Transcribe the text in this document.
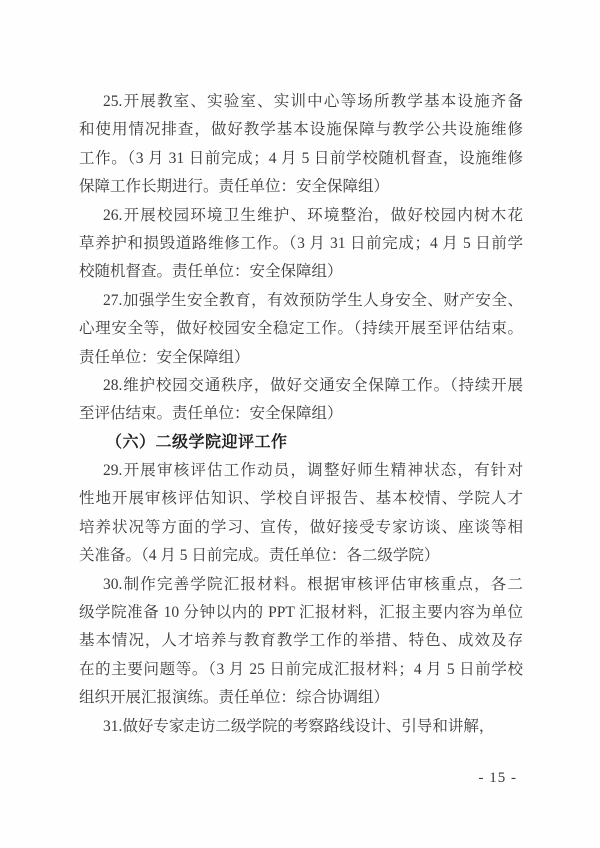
25.开展教室、实验室、实训中心等场所教学基本设施齐备
和使用情况排查，做好教学基本设施保障与教学公共设施维修
工作。（3 月 31 日前完成；4 月 5 日前学校随机督查，设施维修
保障工作长期进行。责任单位：安全保障组）
26.开展校园环境卫生维护、环境整治，做好校园内树木花
草养护和损毁道路维修工作。（3 月 31 日前完成；4 月 5 日前学
校随机督查。责任单位：安全保障组）
27.加强学生安全教育，有效预防学生人身安全、财产安全、
心理安全等，做好校园安全稳定工作。（持续开展至评估结束。
责任单位：安全保障组）
28.维护校园交通秩序，做好交通安全保障工作。（持续开展
至评估结束。责任单位：安全保障组）
（六）二级学院迎评工作
29.开展审核评估工作动员，调整好师生精神状态，有针对
性地开展审核评估知识、学校自评报告、基本校情、学院人才
培养状况等方面的学习、宣传，做好接受专家访谈、座谈等相
关准备。（4 月 5 日前完成。责任单位：各二级学院）
30.制作完善学院汇报材料。根据审核评估审核重点，各二
级学院准备 10 分钟以内的 PPT 汇报材料，汇报主要内容为单位
基本情况，人才培养与教育教学工作的举措、特色、成效及存
在的主要问题等。（3 月 25 日前完成汇报材料；4 月 5 日前学校
组织开展汇报演练。责任单位：综合协调组）
31.做好专家走访二级学院的考察路线设计、引导和讲解，
- 15 -
